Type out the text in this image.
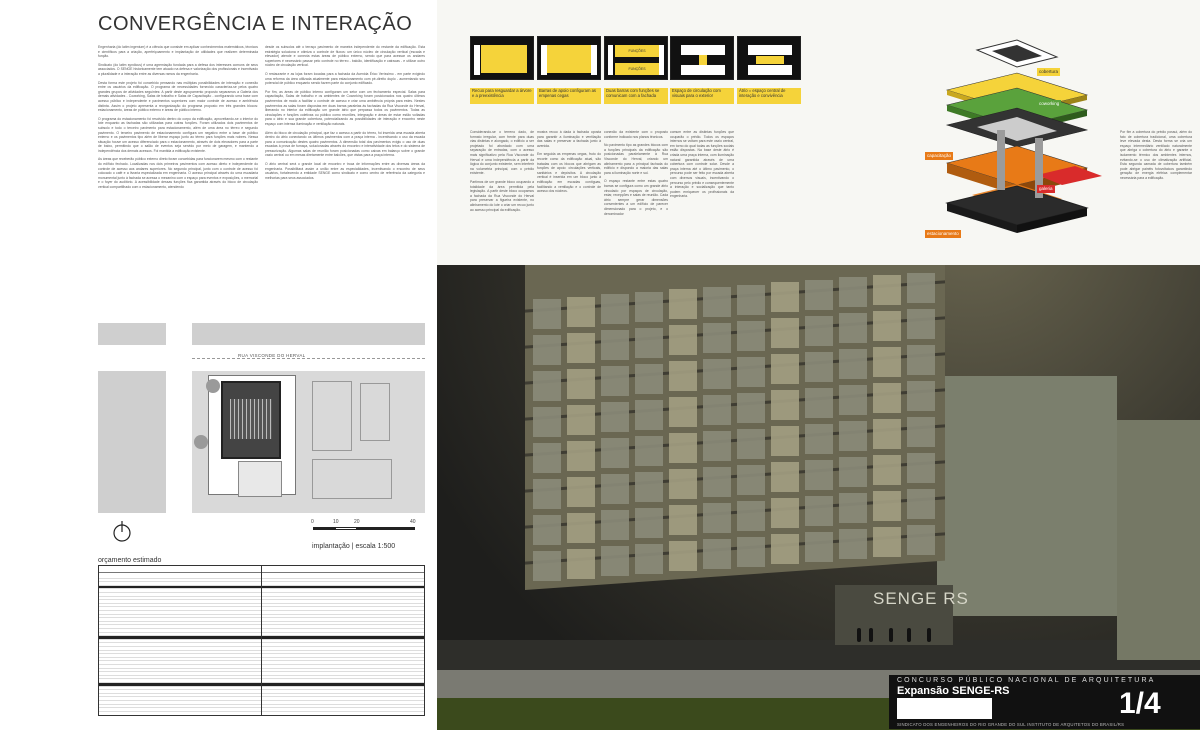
CONVERGÊNCIA E INTERAÇÃO

Engenharia (do latim ingenium) é a ciência que consiste em aplicar conhecimentos matemáticos, técnicos e científicos para a criação, aperfeiçoamento e implantação de utilidades que realizem determinada função.

Sindicato (do latim syndicus) é uma agremiação fundada para a defesa dos interesses comuns de seus associados. O SENGE historicamente tem atuado na defesa e valorização dos profissionais e incentivado a pluralidade e a interação entre as diversas ramos da engenharia.

Desta forma este projeto foi concebido pensando nas múltiplas possibilidades de interação e conexão entre os usuários da edificação. O programa de necessidades fornecido caracteriza-se pelos quatro grandes grupos de atividades seguintes: A partir deste agrupamento proposto separamos a Galeria dos demais atividades - Coworking, Salas de trabalho e Salas de Capacitação - configurando uma base com acesso público e independente e pavimentos superiores com maior controle de acesso e ambiência distinta. Assim o projeto apresenta a reorganização do programa proposto em três grandes blocos: estacionamento, áreas de público externo e áreas de público interno.

O programa do estacionamento foi resolvido dentro do corpo da edificação, aproveitando-se o interior do lote enquanto as fachadas são utilizadas para outras funções. Foram utilizados dois pavimentos de subsolo e todo o terceiro pavimento para estacionamento, além de uma área no térreo e segundo pavimento. O terceiro pavimento de estacionamento configura um negativo entre a base de público externo e os pavimentos tipo além de liberar espaço junto ao térreo para funções mais nobres. Nessa situação houve um acesso diferenciado para o estacionamento, através de dois elevadores para a parte de baixo, permitindo que o salão de eventos seja servido por meio de garagem, e mantendo a independência dos demais acessos. Foi mantida a edificação existente.

As áreas que receberão público externo direto foram concebidas para funcionarem mesmo com o restante do edifício fechado. Localizadas nos dois primeiros pavimentos com acesso direto e independente do controle de acesso aos andares superiores. No segundo principal, junto com o controle de acesso foi colocado o café e a livraria especializada em engenharia. O acesso principal através do uma escadaria monumental junto à fachada se acessa o mezanino com o espaço para eventos e exposições, o memorial e o foyer do auditório. A acessibilidade dessas funções fica garantida através do bloco de circulação vertical compartilhado com o estacionamento, atendendo

desde os subsolos até o terraço pavimento de maneira independente do restante da edificação. Esta estratégia soluciona e otimiza o controle de fluxos: um único núcleo de circulação vertical (escada e elevador) atende e conecta estas áreas de público externo, sendo que para acessar os andares superiores é necessário passar pelo controle no térreo - balcão, identificação e catracas - e utilizar outro núcleo de circulação vertical.

O restaurante e as lojas foram locadas para a fachada da Avenida Érico Veríssimo - em parte exigindo uma reforma da área utilizada atualmente para estacionamento com pé-direito duplo - aumentando seu potencial de público enquanto sendo fazem parte do conjunto edificado.

Por fim, as áreas de público interno configuram um setor com um fechamento especial. Salas para capacitação, Salas de trabalho e os ambientes de Coworking foram posicionados nos quatro últimos pavimentos de modo a facilitar o controle de acesso e criar uma ambiência própria para estes. Nestes pavimentos as salas foram dispostas em duas barras paralelas às fachadas da Rua Visconde do Herval, liberando no interior da edificação um grande átrio que perpassa todos os pavimentos. Todas as circulações e funções coletivas ou público como reuniões, integração e áreas de estar estão voltadas para o átrio e sua grande cobertura, potencializando as possibilidades de interação e encontro neste espaço com intensa iluminação e ventilação naturais.

Além do bloco de circulação principal, que faz o acesso a partir do térreo, foi inserida uma escada aberta dentro do átrio conectando os últimos pavimentos com a praça interna - incentivando o uso da escada para a comunicação destes quatro pavimentos. A dimensão total dos pavimentos exigiu o uso de duas escadas à prova de fumaça, solucionadas através do encontro e interatividade dos tetos e do sistema de pressurização. Algumas salas de reunião foram posicionadas como caixas em balanço sobre o grande vazio central ou em mesas diretamente entre balcões, que vistas para a praça interna.

O átrio central será o grande local de encontro e troca de informações entre as diversas áreas da engenharia. Possibilitará assim a união entre as especialidades, incentivando o encontro de seus usuários, fortalecendo a entidade SENGE como sindicato e como centro de referência da categoria e melhorias para seus associados.

RUA VISCONDE DO HERVAL
0	10	20	40
implantação | escala 1:500
orçamento estimado
SENGE RS
FUNÇÕES
FUNÇÕES
Recuo para resguardar a árvore e a preexistência
Barras de apoio configuram as empenas cegas
Duas barras com funções se comunicam com a fachada
Espaço de circulação com visuais para o exterior
Átrio = espaço central de interação e convivência

Considerando-se o terreno dado, de formato irregular, com frente para duas vias distintas e alongado, o edifício a ser projetado foi abordado com uma separação de entradas, com o acesso mais significativo pela Rua Visconde do Herval e uma independência a partir da lógica do conjunto existente, sem interferir na volumetria principal, com o prédio existente.

Partimos de um grande bloco ocupando a totalidade da área permitida pela legislação. A partir deste bloco ocupamos a fachada da Rua Visconde do Herval para preservar a figueira existente, no alinhamento do lote o criar um recuo junto ao acesso principal da edificação.

mostra recuo à dada à fachada oposta para garantir a iluminação e ventilação das salas e preservar a fachada junto à avenida.

Em seguida as empenas cegas, fruto do recorte como da edificação atual, são tratadas com os blocos que abrigam as funções de apoio: circulações verticais, sanitários e depósitos. A circulação vertical é inserida em um bloco junto à edificação em escadas contíguas, facilitando a ventilação e o controle de acesso dos núcleos.

conexão da existente com o proposto conforme indicado nos planos técnicos.

No pavimento tipo as grandes blocos com a funções principais da edificação são posicionadas paralelamente à Rua Visconde do Herval, criando um alinhamento para a principal fachada do edifício e dispondo a maioria das salas para a iluminação norte e sul.

O espaço restante entre estas quatro barras se configura como um grande átrio vinculado por espaços de circulação, estar, recepções e salas de reunião. Cada átrio sempre gerar dimensões convenientes a um edifício de parecer dimensionado para o projeto, e o denominador

comum entre as distintas funções que ocuparão o prédio. Todos os espaços internos se voltam para este vazio central, em torno do qual todas as funções sociais estão dispostas. Na base deste átrio é criada uma praça interna, com iluminação natural garantida através de uma cobertura com controle solar. Desde a praça interna até o último pavimento, o percurso pode ser feito por escada aberta com diversos visuais, incentivando o percurso pelo prédio e consequentemente a interação e socialização que tanto podem enriquecer os profissionais da engenharia.

Por fim a cobertura do prédio possui, além do fato de cobertura tradicional, uma cobertura leve elevada desta. Desta forma se cria um espaço intermediário ventilado naturalmente que abriga o cobertura do átrio e garante o isolamento térmico dos ambientes internos, evitando-se o uso de climatização artificial. Esta segunda camada de cobertura também pode abrigar painéis fotovoltaicos garantindo geração de energia elétrica complementar necessária para a edificação.

cobertura
coworking
capacitação
galeria
estacionamento
CONCURSO PÚBLICO NACIONAL DE ARQUITETURA
Expansão SENGE-RS	1/4
SINDICATO DOS ENGENHEIROS DO RIO GRANDE DO SUL INSTITUTO DE ARQUITETOS DO BRASIL/RS
